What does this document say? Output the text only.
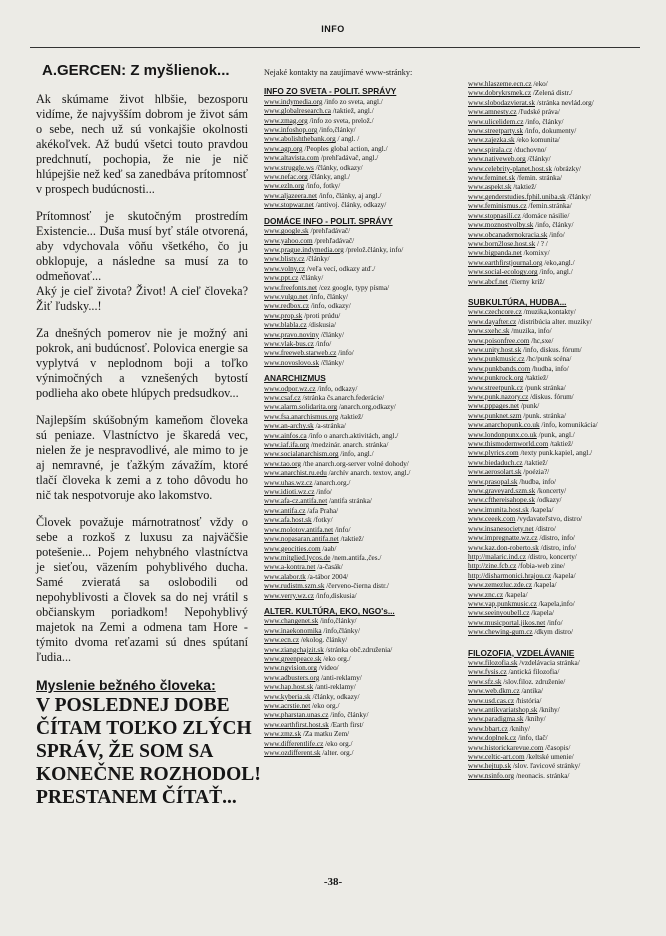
INFO
A.GERCEN: Z myšlienok...
Ak skúmame život hlbšie, bezosporu vidíme, že najvyšším dobrom je život sám o sebe, nech už sú vonkajšie okolnosti akékoľvek. Až budú všetci touto pravdou predchnutí, pochopia, že nie je nič hlúpejšie než keď sa zanedbáva prítomnosť v prospech budúcnosti...
Prítomnosť je skutočným prostredím Existencie... Duša musí byť stále otvorená, aby vdychovala vôňu všetkého, čo ju obklopuje, a následne sa musí za to odmeňovať...
Aký je cieľ života? Život! A cieľ človeka? Žiť ľudsky...!
Za dnešných pomerov nie je možný ani pokrok, ani budúcnosť. Polovica energie sa vyplytvá v neplodnom boji a toľko výnimočných a vznešených bytostí podlieha ako obete hlúpych predsudkov...
Najlepším skúšobným kameňom človeka sú peniaze. Vlastníctvo je škaredá vec, nielen že je nespravodlivé, ale mimo to je aj nemravné, je ťažkým závažím, ktoré tlačí človeka k zemi a z toho dôvodu ho nič tak nespotvoruje ako lakomstvo.
Človek považuje márnotratnosť vždy o sebe a rozkoš z luxusu za najväčšie potešenie... Pojem nehybného vlastníctva je sieťou, väzením pohyblivého ducha. Samé zvieratá sa oslobodili od nepohyblivosti a človek sa do nej vrátil s občianskym poriadkom! Nepohyblivý majetok na Zemi a odmena tam Hore - týmito dvoma reťazami sú dnes spútaní ľudia...
Myslenie bežného človeka:
V POSLEDNEJ DOBE
ČÍTAM TOĽKO ZLÝCH
SPRÁV, ŽE SOM SA
KONEČNE ROZHODOL!
PRESTANEM ČÍTAŤ...
Nejaké kontakty na zaujímavé www-stránky:
INFO ZO SVETA - POLIT. SPRÁVY
www.indymedia.org /info zo sveta, angl./
www.globalresearch.ca /taktiež, angl./
www.zmag.org /info zo sveta, prelož./
www.infoshop.org /info,články/
www.abolishthebank.org / angl. /
www.agp.org /Peoples global action, angl./
www.altavista.com /prehľadávač, angl./
www.struggle.ws /články, odkazy/
www.nefac.org /články, angl./
www.ezln.org /info, fotky/
www.aljazeera.net /info, články, aj angl./
www.stopwar.net /antivoj. články, odkazy/
DOMÁCE INFO - POLIT. SPRÁVY
www.google.sk /prehľadávač/
www.yahoo.com /prehľadávač/
www.prague.indymedia.org /prelož.články, info/
www.blisty.cz /články/
www.volny.cz /veľa vecí, odkazy atď./
www.ppt.cz /články/
www.freefonts.net /cez google, typy písma/
www.vulgo.net /info, články/
www.redbox.cz /info, odkazy/
www.prop.sk /proti prúdu/
www.blabla.cz /diskusia/
www.pravo.noviny /články/
www.vlak-bus.cz /info/
www.freeweb.starweb.cz /info/
www.novoslovo.sk /články/
ANARCHIZMUS
www.odpor.wz.cz /info, odkazy/
www.csaf.cz /stránka čs.anarch.federácie/
www.alarm.solidarita.org /anarch.org,odkazy/
www.fsa.anarchismus.org /taktiež/
www.an-archy.sk /a-stránka/
www.ainfos.ca /info o anarch.aktivitách, angl./
www.iaf.ifa.org /medzinár. anarch. stránka/
www.socialanarchism.org /info, angl./
www.tao.org /the anarch.org-server volné dohody/
www.anarchist.ru.edu /archív anarch. textov, angl./
www.uhas.wz.cz /anarch.org./
www.idioti.wz.cz /info/
www.afa-cz.antifa.net /antifa stránka/
www.antifa.cz /afa Praha/
www.afa.host.sk /fotky/
www.molotov.antifa.net /info/
www.nopasaran.antifa.net /taktiež/
www.geocities.com /aab/
www.mitglied.lycos.de /nem.antifa.,čes./
www.a-kontra.net /a-časák/
www.alabor.tk /a-tábor 2004/
www.rudistm.szm.sk /červeno-čierna distr./
www.verry.wz.cz /info,diskusia/
ALTER. KULTÚRA, EKO, NGO's...
www.changenet.sk /info,články/
www.inaekonomika /info,články/
www.ecn.cz /ekolog. články/
www.ziangchajzit.sk /stránka obč.združenia/
www.greenpeace.sk /eko org./
www.ngvision.org /video/
www.adbusters.org /anti-reklamy/
www.hap.host.sk /anti-reklamy/
www.kyberia.sk /články, odkazy/
www.acrstie.net /eko org./
www.pharstan.unas.cz /info, články/
www.earthfirst.host.sk /Earth first/
www.zmz.sk /Za matku Zem/
www.differentlife.cz /eko org./
www.ozdifferent.sk /alter. org./
www.hlaszeme.ecn.cz /eko/
www.dobrykrsmek.cz /Zelená distr./
www.slobodazvierat.sk /stránka nevlád.org/
www.amnesty.cz /ľudské práva/
www.ulicelidem.cz /info, články/
www.streetparty.sk /info, dokumenty/
www.zajezka.sk /eko komunita/
www.spirala.cz /duchovno/
www.nativeweb.org /články/
www.celebrity-planet.host.sk /obrázky/
www.feminet.sk /femin. stránka/
www.aspekt.sk /taktiež/
www.genderstudies.fphil.uniba.sk /články/
www.feminismus.cz /femin.stránka/
www.stopnasilí.cz /domáce násilie/
www.moznostvolby.sk /info, články/
www.obcanadernokracia.sk /info/
www.born2lose.host.sk / ? /
www.bigpanda.net /komixy/
www.earthfirstjournal.org /eko,angl./
www.social-ecology.org /info, angl./
www.abcf.net /čierny kríž/
SUBKULTÚRA, HUDBA...
www.czechcore.cz /muzika,kontakty/
www.dayafter.cz /distribúcia alter. muziky/
www.sxehc.sk /muzika, info/
www.poisonfree.com /hc,sxe/
www.unity.host.sk /info, diskus. fórum/
www.punkmusic.cz /hc/punk scéna/
www.punkbands.com /hudba, info/
www.punkrock.org /taktiež/
www.streetpunk.cz /punk stránka/
www.punk.nazory.cz /diskus. fórum/
www.pppages.net /punk/
www.punknet.szm /punk. stránka/
www.anarchopunk.co.uk /info, komunikácia/
www.londonpunx.co.uk /punk, angl./
www.thismodernworld.com /taktiež/
www.plyrics.com /texty punk.kapiel, angl./
www.biedaduch.cz /taktiež/
www.aerosolart.sk /poézia?/
www.prasopal.sk /hudba, info/
www.graveyard.szm.sk /koncerty/
www.cfthereisahope.sk /odkazy/
www.imunita.host.sk /kapela/
www.ceeek.com /vydavateľstvo, distro/
www.insanesociety.net /distro/
www.impregnatte.wz.cz /distro, info/
www.kaz.don-roberto.sk /distro, info/
http://malaric.ind.cz /distro, koncerty/
http://zine.fcb.cz /fobia-web zine/
http://disharmonici.hrajou.cz /kapela/
www.zemezluc.zde.cz /kapela/
www.znc.cz /kapela/
www.vap.punkmusic.cz /kapela,info/
www.seeinyoubell.cz /kapela/
www.musicportal.jikos.net /info/
www.chewing-gum.cz /dkym distro/
FILOZOFIA, VZDELÁVANIE
www.filozofia.sk /vzdelávacia stránka/
www.fysis.cz /antická filozofia/
www.sfz.sk /slov.filoz. združenie/
www.web.dkm.cz /antika/
www.usd.cas.cz /história/
www.antikvariatshop.sk /knihy/
www.paradigma.sk /knihy/
www.bbart.cz /knihy/
www.doplnek.cz /info, tlač/
www.historickarevue.com /časopis/
www.celtic-art.com /keltské umenie/
www.hejtup.sk /slov. ľavicové stránky/
www.nsinfo.org /neonacis. stránka/
-38-
